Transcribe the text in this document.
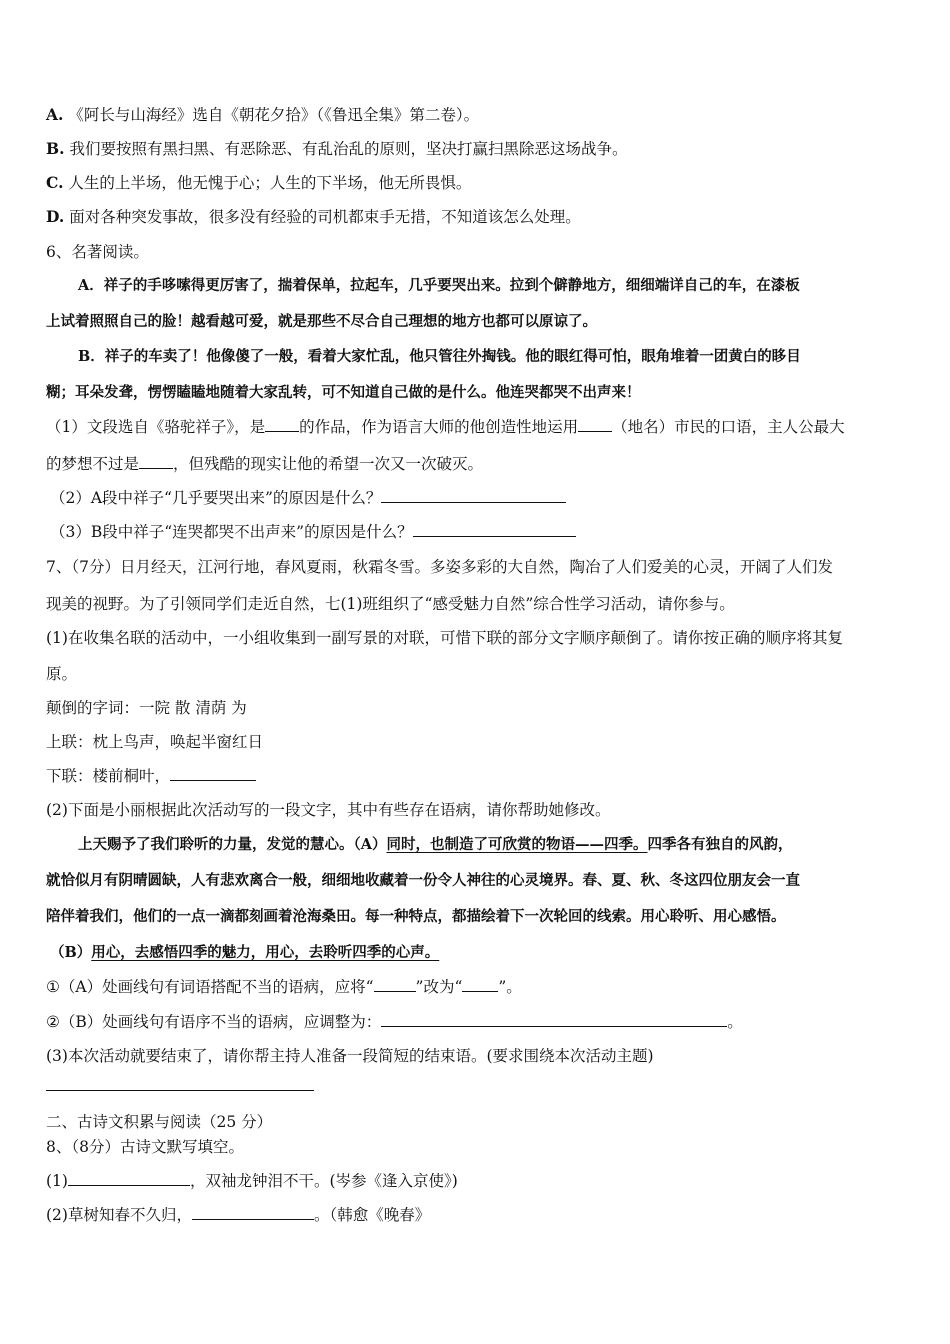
A. 《阿长与山海经》选自《朝花夕拾》（《鲁迅全集》第二卷）。
B. 我们要按照有黑扫黑、有恶除恶、有乱治乱的原则，坚决打赢扫黑除恶这场战争。
C. 人生的上半场，他无愧于心；人生的下半场，他无所畏惧。
D. 面对各种突发事故，很多没有经验的司机都束手无措，不知道该怎么处理。
6、名著阅读。
A．祥子的手哆嗦得更厉害了，揣着保单，拉起车，几乎要哭出来。拉到个僻静地方，细细端详自己的车，在漆板
上试着照照自己的脸！越看越可爱，就是那些不尽合自己理想的地方也都可以原谅了。
B．祥子的车卖了！他像傻了一般，看着大家忙乱，他只管往外掏钱。他的眼红得可怕，眼角堆着一团黄白的眵目
糊；耳朵发聋，愣愣瞌瞌地随着大家乱转，可不知道自己做的是什么。他连哭都哭不出声来！
（1）文段选自《骆驼祥子》，是 的作品，作为语言大师的他创造性地运用 （地名）市民的口语，主人公最大
的梦想不过是 ，但残酷的现实让他的希望一次又一次破灭。
（2）A段中祥子“几乎要哭出来”的原因是什么？
（3）B段中祥子“连哭都哭不出声来”的原因是什么？
7、（7分）日月经天，江河行地，春风夏雨，秋霜冬雪。多姿多彩的大自然，陶冶了人们爱美的心灵，开阔了人们发
现美的视野。为了引领同学们走近自然，七(1)班组织了“感受魅力自然”综合性学习活动，请你参与。
(1)在收集名联的活动中，一小组收集到一副写景的对联，可惜下联的部分文字顺序颠倒了。请你按正确的顺序将其复
原。
颠倒的字词：一院 散 清荫 为
上联：枕上鸟声，唤起半窗红日
下联：楼前桐叶，
(2)下面是小丽根据此次活动写的一段文字，其中有些存在语病，请你帮助她修改。
上天赐予了我们聆听的力量，发觉的慧心。（A）同时，也制造了可欣赏的物语——四季。四季各有独自的风韵，
就恰似月有阴晴圆缺，人有悲欢离合一般，细细地收藏着一份令人神往的心灵境界。春、夏、秋、冬这四位朋友会一直
陪伴着我们，他们的一点一滴都刻画着沧海桑田。每一种特点，都描绘着下一次轮回的线索。用心聆听、用心感悟。
（B）用心，去感悟四季的魅力，用心，去聆听四季的心声。
①（A）处画线句有词语搭配不当的语病，应将“	”改为“ ”。
②（B）处画线句有语序不当的语病，应调整为：	。
(3)本次活动就要结束了，请你帮主持人准备一段简短的结束语。(要求围绕本次活动主题)
二、古诗文积累与阅读（25 分）
8、（8分）古诗文默写填空。
(1)	，双袖龙钟泪不干。(岑参《逢入京使》)
(2)草树知春不久归，	。（韩愈《晚春》
